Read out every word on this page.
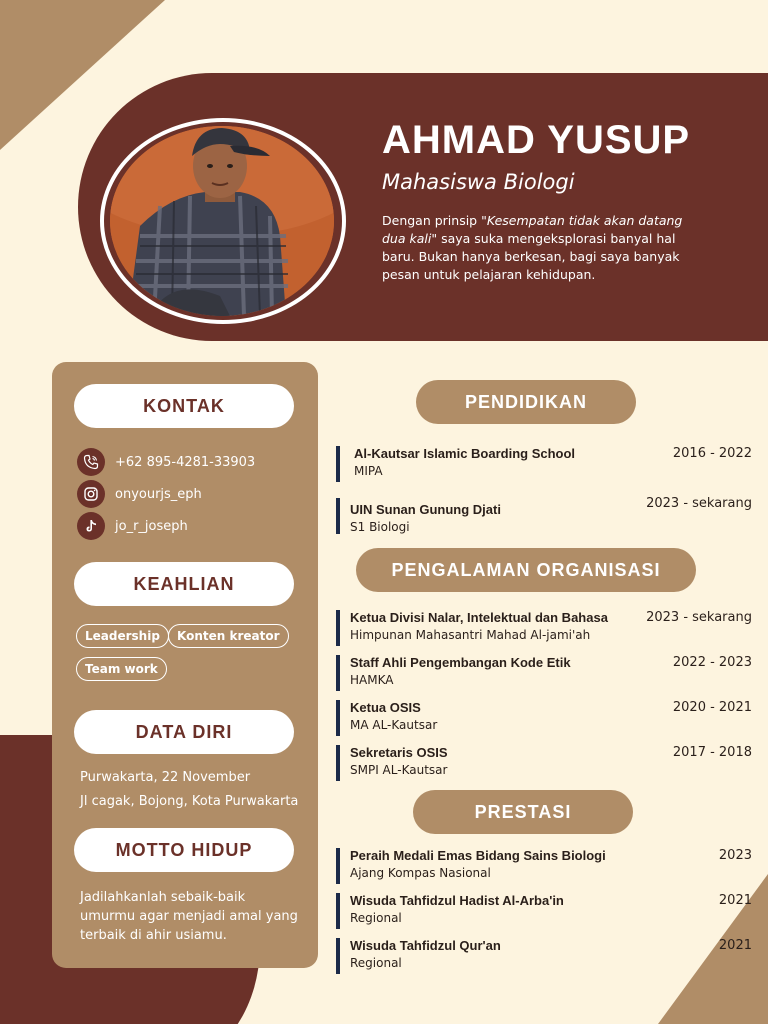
AHMAD YUSUP
Mahasiswa Biologi
Dengan prinsip "Kesempatan tidak akan datang dua kali" saya suka mengeksplorasi banyal hal baru. Bukan hanya berkesan, bagi saya banyak pesan untuk pelajaran kehidupan.
KONTAK
+62 895-4281-33903
onyourjs_eph
jo_r_joseph
KEAHLIAN
Leadership	Konten kreator
Team work
DATA DIRI
Purwakarta, 22 November
Jl cagak, Bojong, Kota Purwakarta
MOTTO HIDUP
Jadilahkanlah sebaik-baik umurmu agar menjadi amal yang terbaik di ahir usiamu.
PENDIDIKAN
Al-Kautsar Islamic Boarding School
MIPA
2016 - 2022
UIN Sunan Gunung Djati
S1 Biologi
2023 - sekarang
PENGALAMAN ORGANISASI
Ketua Divisi Nalar, Intelektual dan Bahasa
Himpunan Mahasantri Mahad Al-jami'ah
2023 - sekarang
Staff Ahli Pengembangan Kode Etik
HAMKA
2022 - 2023
Ketua OSIS
MA AL-Kautsar
2020 - 2021
Sekretaris OSIS
SMPI AL-Kautsar
2017 - 2018
PRESTASI
Peraih Medali Emas Bidang Sains Biologi
Ajang Kompas Nasional
2023
Wisuda Tahfidzul Hadist Al-Arba'in
Regional
2021
Wisuda Tahfidzul Qur'an
Regional
2021
